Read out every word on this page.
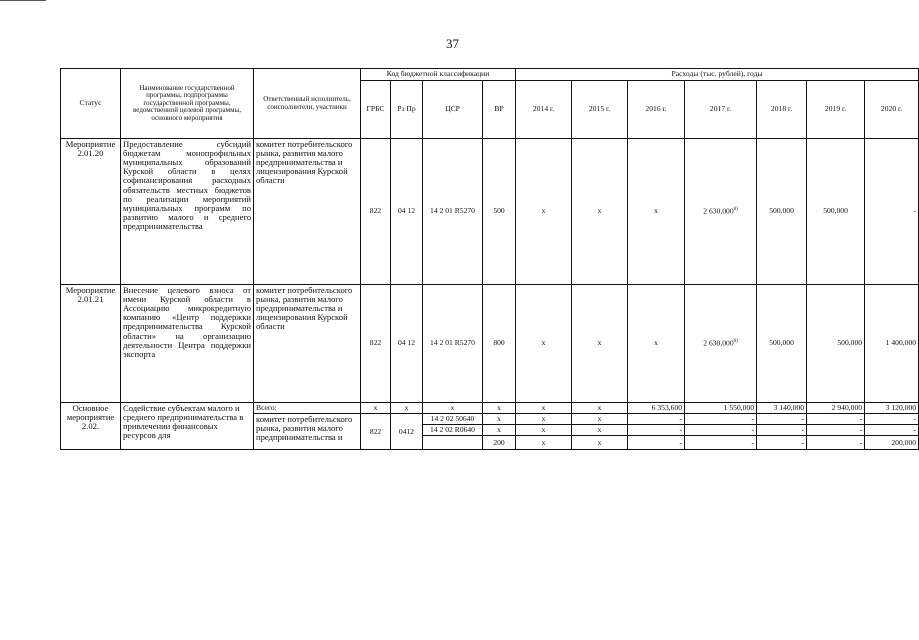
37
Статус	Наименование государственной программы, подпрограммы государственной программы, ведомственной целевой программы, основного мероприятия	Ответственный исполнитель, соисполнители, участники	Код бюджетной классификации				Расходы (тыс. рублей), годы						
			ГРБС	Рз Пр	ЦСР	ВР	2014 г.	2015 г.	2016 г.	2017 г.	2018 г.	2019 г.	2020 г.
Мероприятие 2.01.20	Предоставление субсидий бюджетам монопрофильных муниципальных образований Курской области в целях софинансирования расходных обязательств местных бюджетов по реализации мероприятий муниципальных программ по развитию малого и среднего предпринимательства	комитет потребительского рынка, развития малого предпринимательства и лицензирования Курской области	822	04 12	14 2 01 R5270	500	x	x	x	2 630,000$^{6)}$	500,000	500,000	-
Мероприятие 2.01.21	Внесение целевого взноса от имени Курской области в Ассоциацию микрокредитную компанию «Центр поддержки предпринимательства Курской области» на организацию деятельности Центра поддержки экспорта	комитет потребительского рынка, развития малого предпринимательства и лицензирования Курской области	822	04 12	14 2 01 R5270	800	x	x	x	2 630,000$^{6)}$	500,000	500,000	1 400,000
Основное мероприятие 2.02.	Содействие субъектам малого и среднего предпринимательства в привлечении финансовых ресурсов для	Всего:	x	x	x	x	x	x	6 353,600	1 550,000	3 140,000	2 940,000	3 120,000
		комитет потребительского рынка, развития малого предпринимательства и	822	0412	14 2 02 50640	x	x	x	-	-	-	-	-
					14 2 02 R0640	x	x	x	-	-	-	-	-
						200	x	x	-	-	-	-	200,000
